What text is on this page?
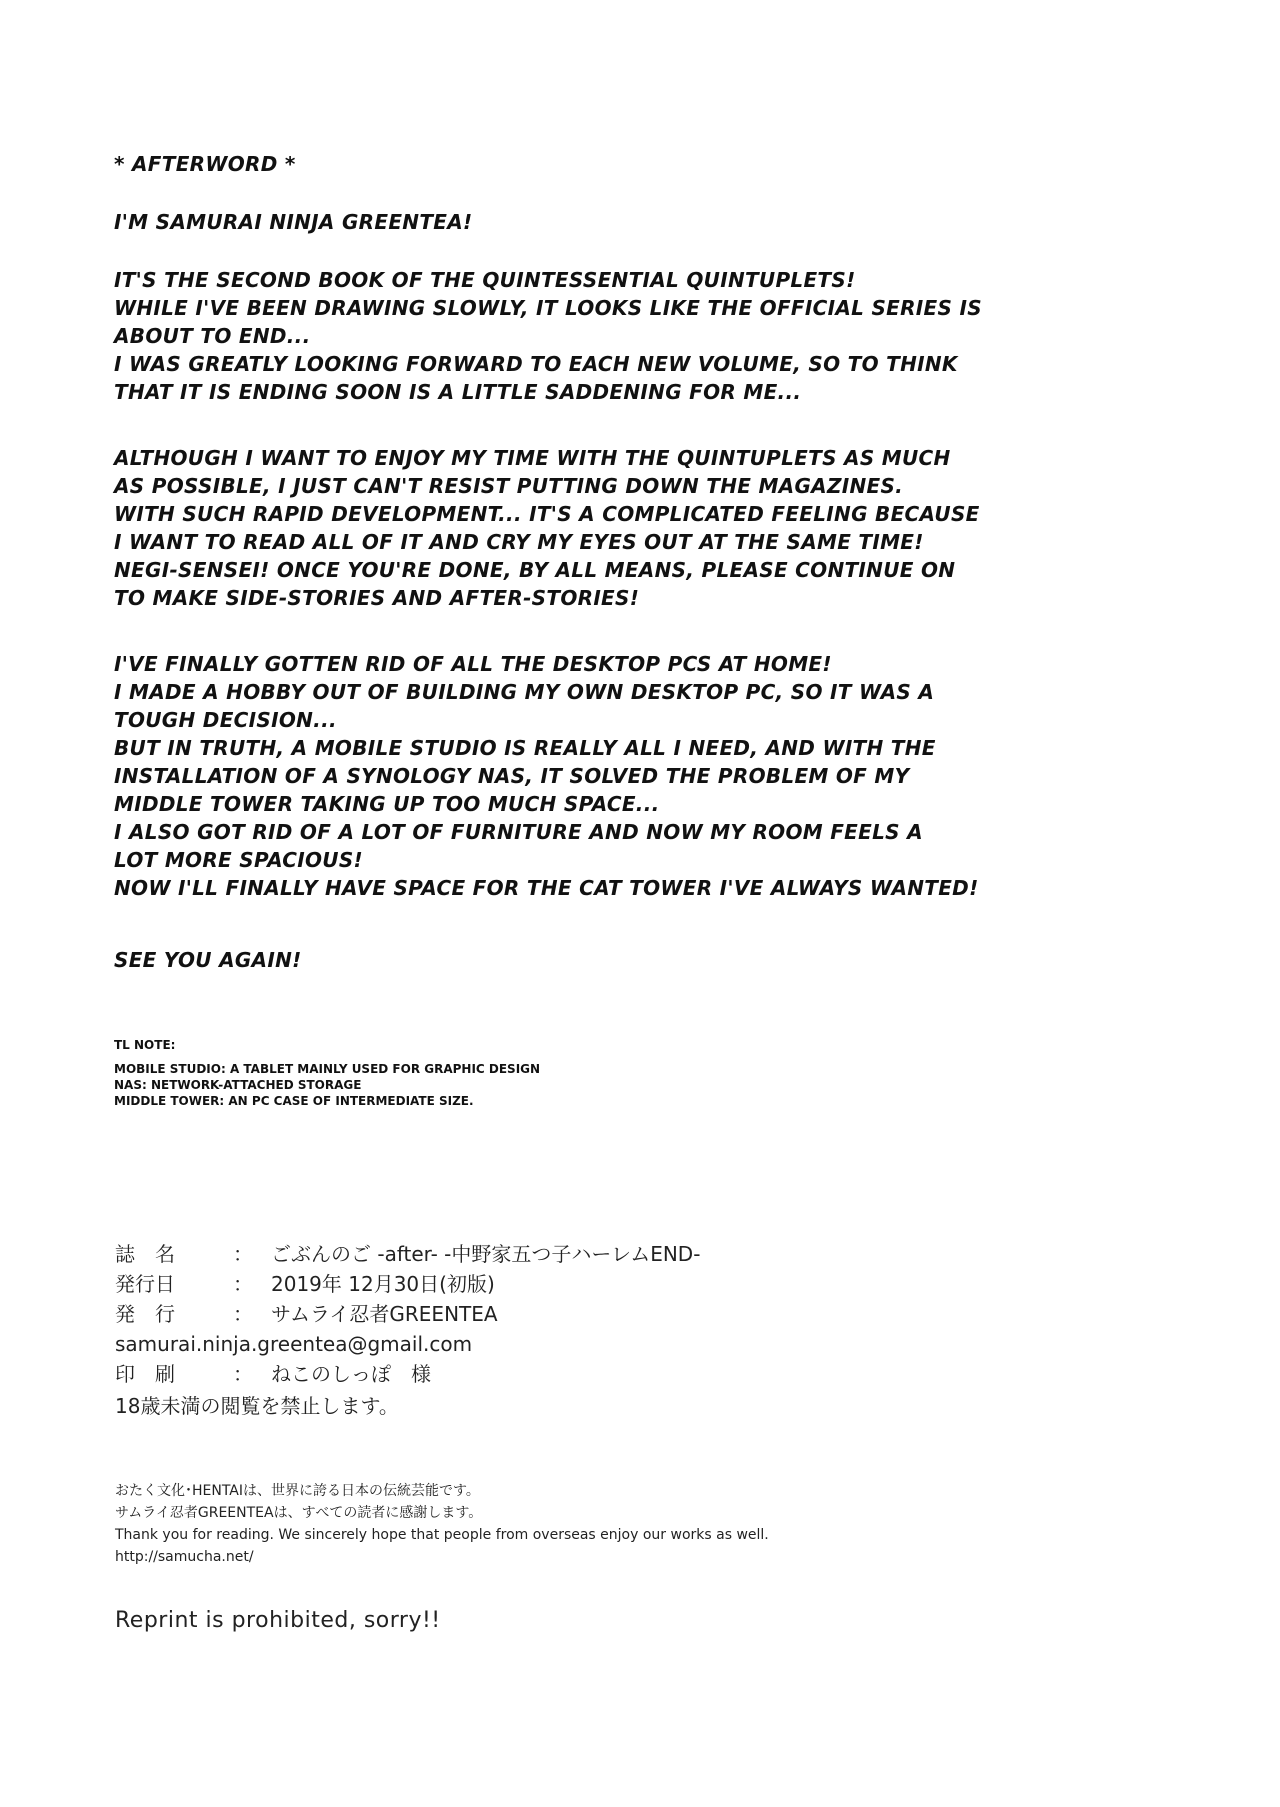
* AFTERWORD *
I'M SAMURAI NINJA GREENTEA!
IT'S THE SECOND BOOK OF THE QUINTESSENTIAL QUINTUPLETS!
WHILE I'VE BEEN DRAWING SLOWLY, IT LOOKS LIKE THE OFFICIAL SERIES IS
ABOUT TO END...
I WAS GREATLY LOOKING FORWARD TO EACH NEW VOLUME, SO TO THINK
THAT IT IS ENDING SOON IS A LITTLE SADDENING FOR ME...
ALTHOUGH I WANT TO ENJOY MY TIME WITH THE QUINTUPLETS AS MUCH
AS POSSIBLE, I JUST CAN'T RESIST PUTTING DOWN THE MAGAZINES.
WITH SUCH RAPID DEVELOPMENT... IT'S A COMPLICATED FEELING BECAUSE
I WANT TO READ ALL OF IT AND CRY MY EYES OUT AT THE SAME TIME!
NEGI-SENSEI! ONCE YOU'RE DONE, BY ALL MEANS, PLEASE CONTINUE ON
TO MAKE SIDE-STORIES AND AFTER-STORIES!
I'VE FINALLY GOTTEN RID OF ALL THE DESKTOP PCS AT HOME!
I MADE A HOBBY OUT OF BUILDING MY OWN DESKTOP PC, SO IT WAS A
TOUGH DECISION...
BUT IN TRUTH, A MOBILE STUDIO IS REALLY ALL I NEED, AND WITH THE
INSTALLATION OF A SYNOLOGY NAS, IT SOLVED THE PROBLEM OF MY
MIDDLE TOWER TAKING UP TOO MUCH SPACE...
I ALSO GOT RID OF A LOT OF FURNITURE AND NOW MY ROOM FEELS A
LOT MORE SPACIOUS!
NOW I'LL FINALLY HAVE SPACE FOR THE CAT TOWER I'VE ALWAYS WANTED!
SEE YOU AGAIN!
TL NOTE:
MOBILE STUDIO: A TABLET MAINLY USED FOR GRAPHIC DESIGN
NAS: NETWORK-ATTACHED STORAGE
MIDDLE TOWER: AN PC CASE OF INTERMEDIATE SIZE.
誌　名	： ごぶんのご -after- -中野家五つ子ハーレムEND-
発行日	： 2019年 12月30日(初版)
発　行	： サムライ忍者GREENTEA
samurai.ninja.greentea@gmail.com
印　刷	： ねこのしっぽ　様
18歳未満の閲覧を禁止します。
おたく文化･HENTAIは、世界に誇る日本の伝統芸能です。
サムライ忍者GREENTEAは、すべての読者に感謝します。
Thank you for reading. We sincerely hope that people from overseas enjoy our works as well.
http://samucha.net/
Reprint is prohibited, sorry!!
